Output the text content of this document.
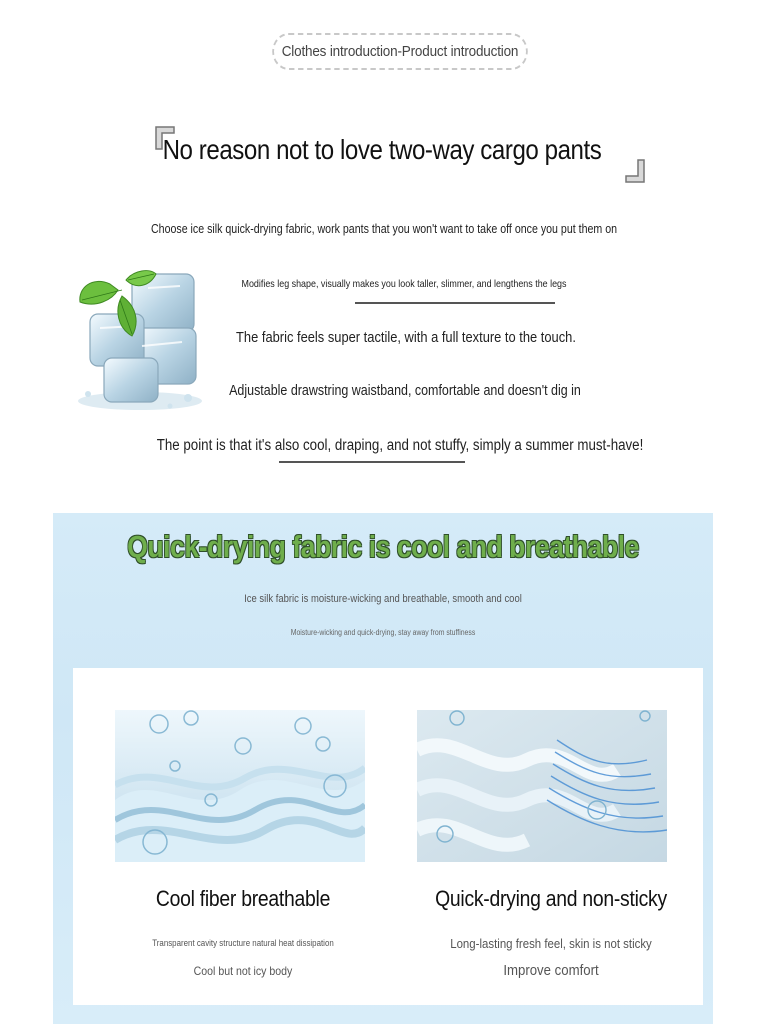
Clothes introduction-Product introduction
No reason not to love two-way cargo pants
Choose ice silk quick-drying fabric, work pants that you won't want to take off once you put them on
Modifies leg shape, visually makes you look taller, slimmer, and lengthens the legs
The fabric feels super tactile, with a full texture to the touch.
Adjustable drawstring waistband, comfortable and doesn't dig in
The point is that it's also cool, draping, and not stuffy, simply a summer must-have!
Quick-drying fabric is cool and breathable
Ice silk fabric is moisture-wicking and breathable, smooth and cool
Moisture-wicking and quick-drying, stay away from stuffiness
Cool fiber breathable
Transparent cavity structure natural heat dissipation
Cool but not icy body
Quick-drying and non-sticky
Long-lasting fresh feel, skin is not sticky
Improve comfort
